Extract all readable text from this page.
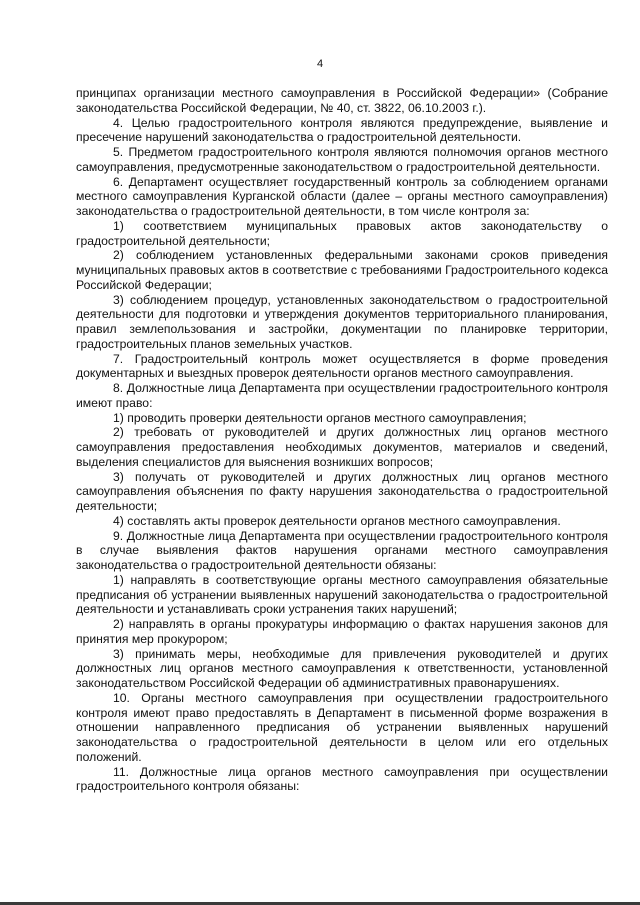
4

принципах организации местного самоуправления в Российской Федерации» (Собрание законодательства Российской Федерации, № 40, ст. 3822, 06.10.2003 г.).

4. Целью градостроительного контроля являются предупреждение, выявление и пресечение нарушений законодательства о градостроительной деятельности.

5. Предметом градостроительного контроля являются полномочия органов местного самоуправления, предусмотренные законодательством о градостроительной деятельности.

6. Департамент осуществляет государственный контроль за соблюдением органами местного самоуправления Курганской области (далее – органы местного самоуправления) законодательства о градостроительной деятельности, в том числе контроля за:

1) соответствием муниципальных правовых актов законодательству о градостроительной деятельности;

2) соблюдением установленных федеральными законами сроков приведения муниципальных правовых актов в соответствие с требованиями Градостроительного кодекса Российской Федерации;

3) соблюдением процедур, установленных законодательством о градостроительной деятельности для подготовки и утверждения документов территориального планирования, правил землепользования и застройки, документации по планировке территории, градостроительных планов земельных участков.

7. Градостроительный контроль может осуществляется в форме проведения документарных и выездных проверок деятельности органов местного самоуправления.

8. Должностные лица Департамента при осуществлении градостроительного контроля имеют право:

1) проводить проверки деятельности органов местного самоуправления;

2) требовать от руководителей и других должностных лиц органов местного самоуправления предоставления необходимых документов, материалов и сведений, выделения специалистов для выяснения возникших вопросов;

3) получать от руководителей и других должностных лиц органов местного самоуправления объяснения по факту нарушения законодательства о градостроительной деятельности;

4) составлять акты проверок деятельности органов местного самоуправления.

9. Должностные лица Департамента при осуществлении градостроительного контроля в случае выявления фактов нарушения органами местного самоуправления законодательства о градостроительной деятельности обязаны:

1) направлять в соответствующие органы местного самоуправления обязательные предписания об устранении выявленных нарушений законодательства о градостроительной деятельности и устанавливать сроки устранения таких нарушений;

2) направлять в органы прокуратуры информацию о фактах нарушения законов для принятия мер прокурором;

3) принимать меры, необходимые для привлечения руководителей и других должностных лиц органов местного самоуправления к ответственности, установленной законодательством Российской Федерации об административных правонарушениях.

10. Органы местного самоуправления при осуществлении градостроительного контроля имеют право предоставлять в Департамент в письменной форме возражения в отношении направленного предписания об устранении выявленных нарушений законодательства о градостроительной деятельности в целом или его отдельных положений.

11. Должностные лица органов местного самоуправления при осуществлении градостроительного контроля обязаны:
